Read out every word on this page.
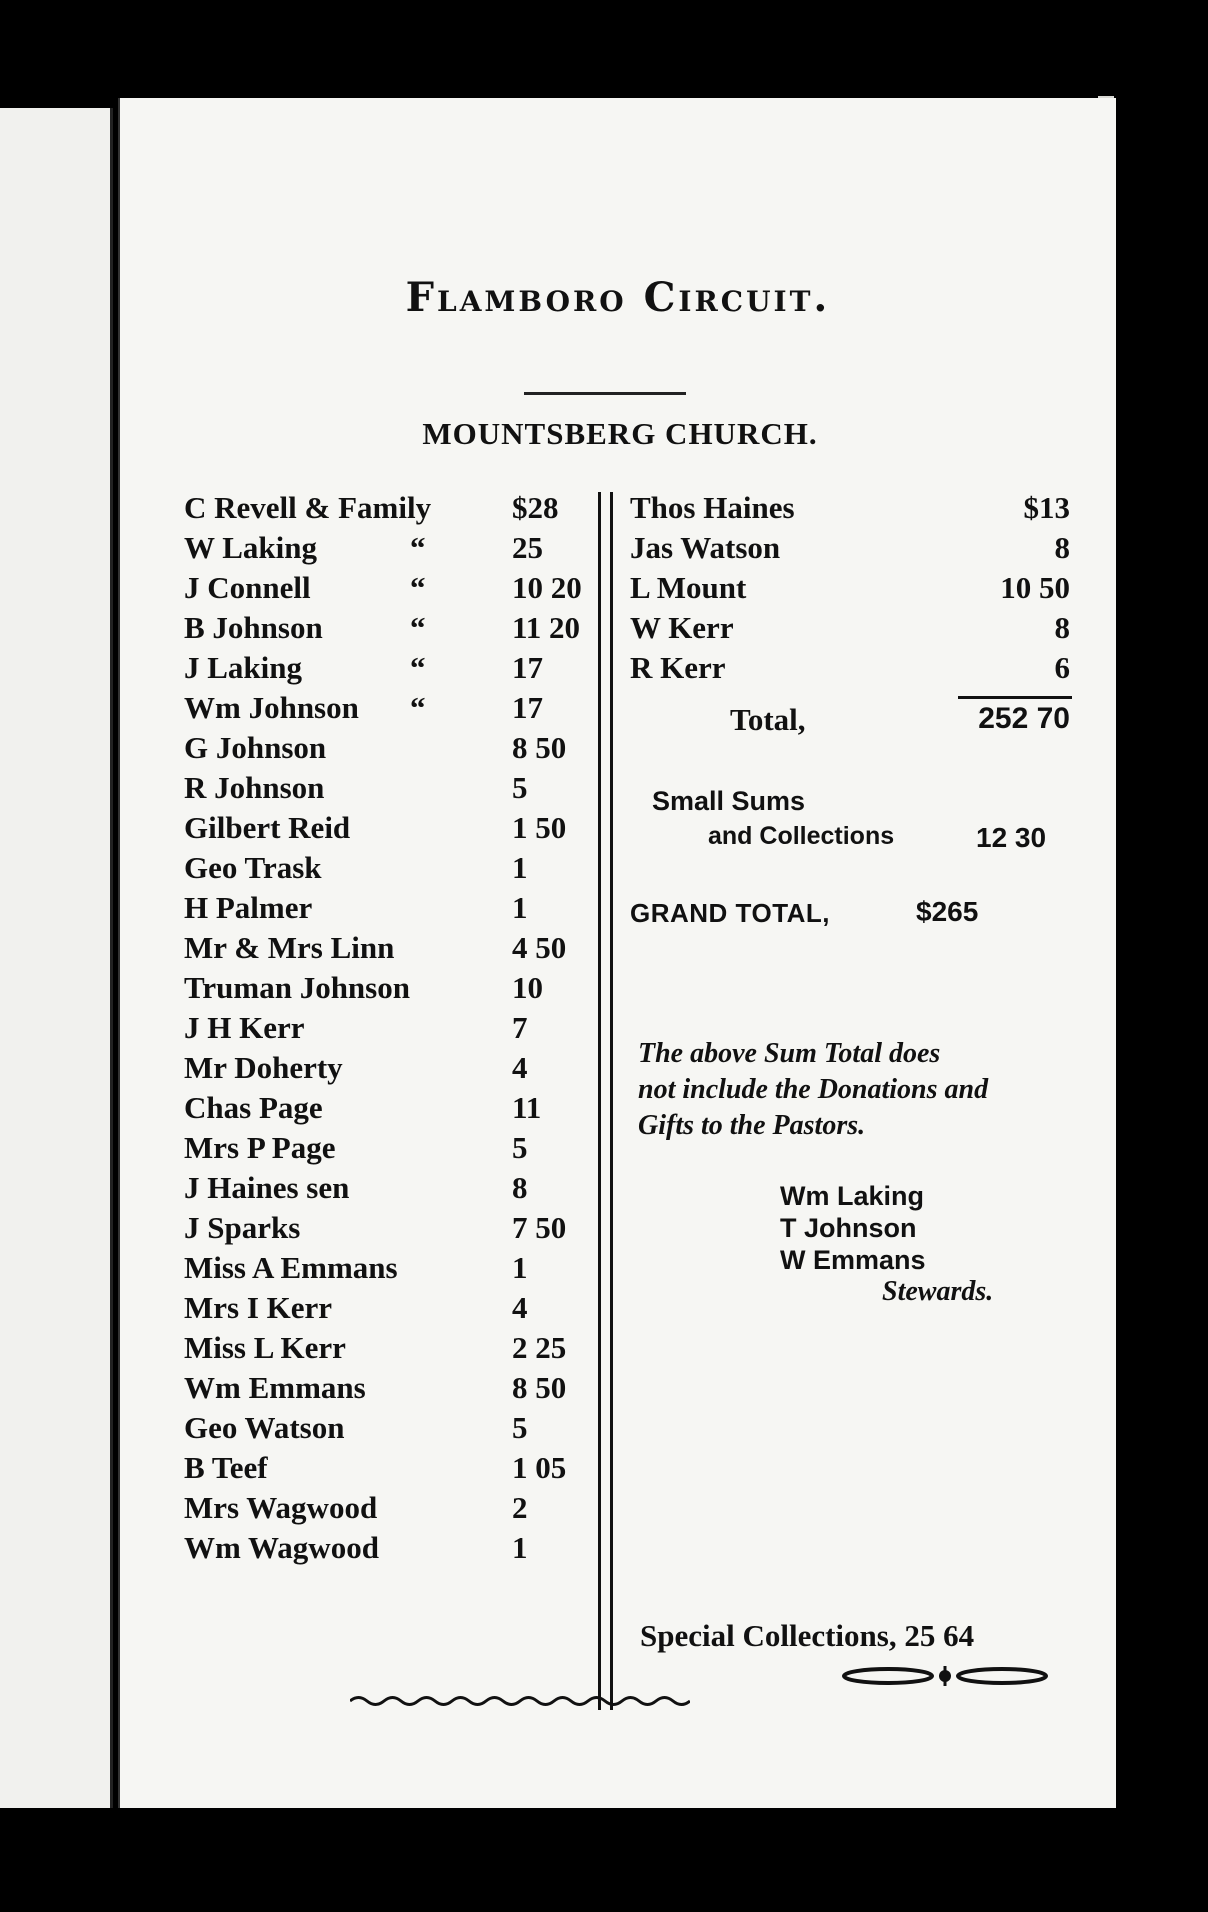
Flamboro Circuit.
MOUNTSBERG CHURCH.
C Revell & Family	$28
W Laking	“	25
J Connell	“	10 20
B Johnson	“	11 20
J Laking	“	17
Wm Johnson “	17
G Johnson	8 50
R Johnson	5
Gilbert Reid	1 50
Geo Trask	1
H Palmer	1
Mr & Mrs Linn	4 50
Truman Johnson	10
J H Kerr	7
Mr Doherty	4
Chas Page	11
Mrs P Page	5
J Haines sen	8
J Sparks	7 50
Miss A Emmans	1
Mrs I Kerr	4
Miss L Kerr	2 25
Wm Emmans	8 50
Geo Watson	5
B Teef	1 05
Mrs Wagwood	2
Wm Wagwood	1
Thos Haines	$13
Jas Watson	8
L Mount	10 50
W Kerr	8
R Kerr	6
Total,	252 70
Small Sums
and Collections	12 30
GRAND TOTAL,	$265
The above Sum Total does
not include the Donations and
Gifts to the Pastors.
Wm Laking
T Johnson
W Emmans
Stewards.
Special Collections, 25 64
